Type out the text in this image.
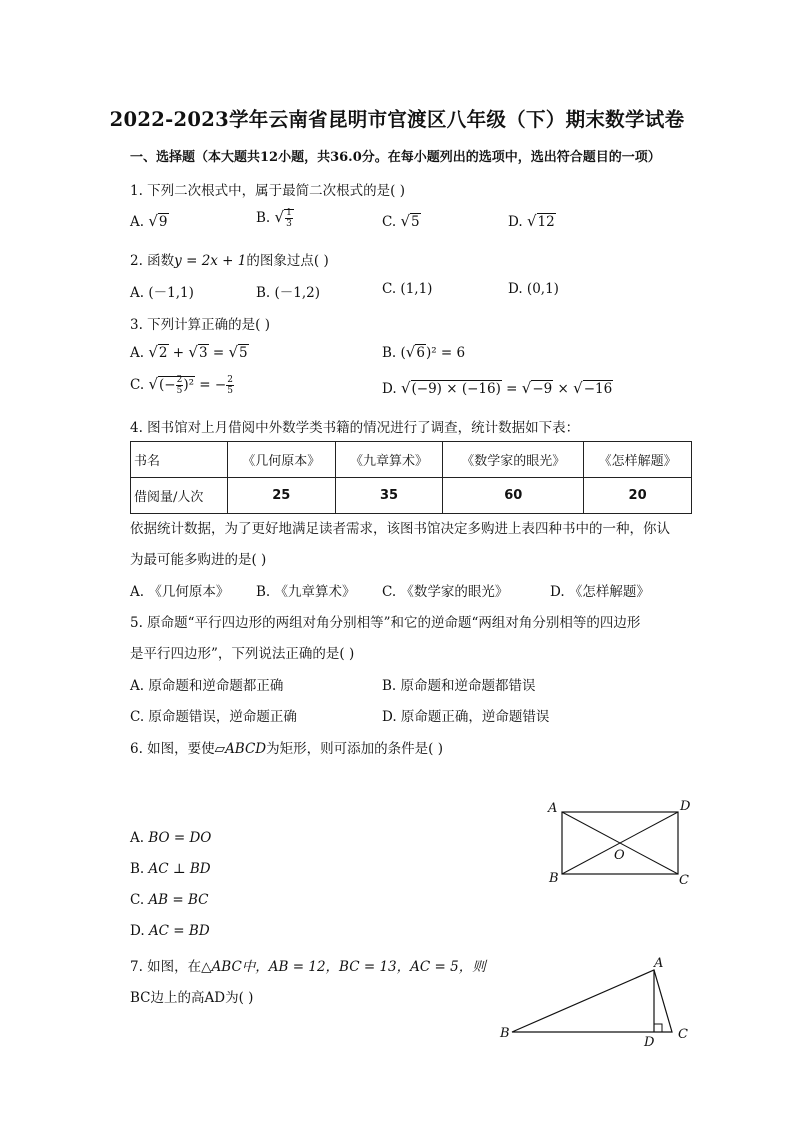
2022-2023学年云南省昆明市官渡区八年级（下）期末数学试卷
一、选择题（本大题共12小题，共36.0分。在每小题列出的选项中，选出符合题目的一项）
1. 下列二次根式中，属于最简二次根式的是( )
A. √9	B. √ $\frac{1}{3}$	C. √5	D. √12
2. 函数y = 2x + 1的图象过点( )
A. (－1,1)	B. (－1,2)	C. (1,1)	D. (0,1)
3. 下列计算正确的是( )
A. √2 + √3 = √5	B. (√6)² = 6
C. √(− $\frac{2}{5} )^2$ = − $\frac{2}{5}$	D. √(−9) × (−16) = √−9 × √−16
4. 图书馆对上月借阅中外数学类书籍的情况进行了调查，统计数据如下表：
书名	《几何原本》	《九章算术》	《数学家的眼光》	《怎样解题》
借阅量/人次	25	35	60	20
依据统计数据，为了更好地满足读者需求，该图书馆决定多购进上表四种书中的一种，你认
为最可能多购进的是( )
A. 《几何原本》 B. 《九章算术》 C. 《数学家的眼光》	D. 《怎样解题》
5. 原命题“平行四边形的两组对角分别相等”和它的逆命题“两组对角分别相等的四边形
是平行四边形”，下列说法正确的是( )
A. 原命题和逆命题都正确	B. 原命题和逆命题都错误
C. 原命题错误，逆命题正确	D. 原命题正确，逆命题错误
6. 如图，要使▱ABCD为矩形，则可添加的条件是( )
A. BO = DO
B. AC ⊥ BD
C. AB = BC
D. AC = BD
A	D
B	C
O
7. 如图，在△ABC中，AB = 12，BC = 13，AC = 5，则
BC边上的高AD为( )
A
B	C
D
